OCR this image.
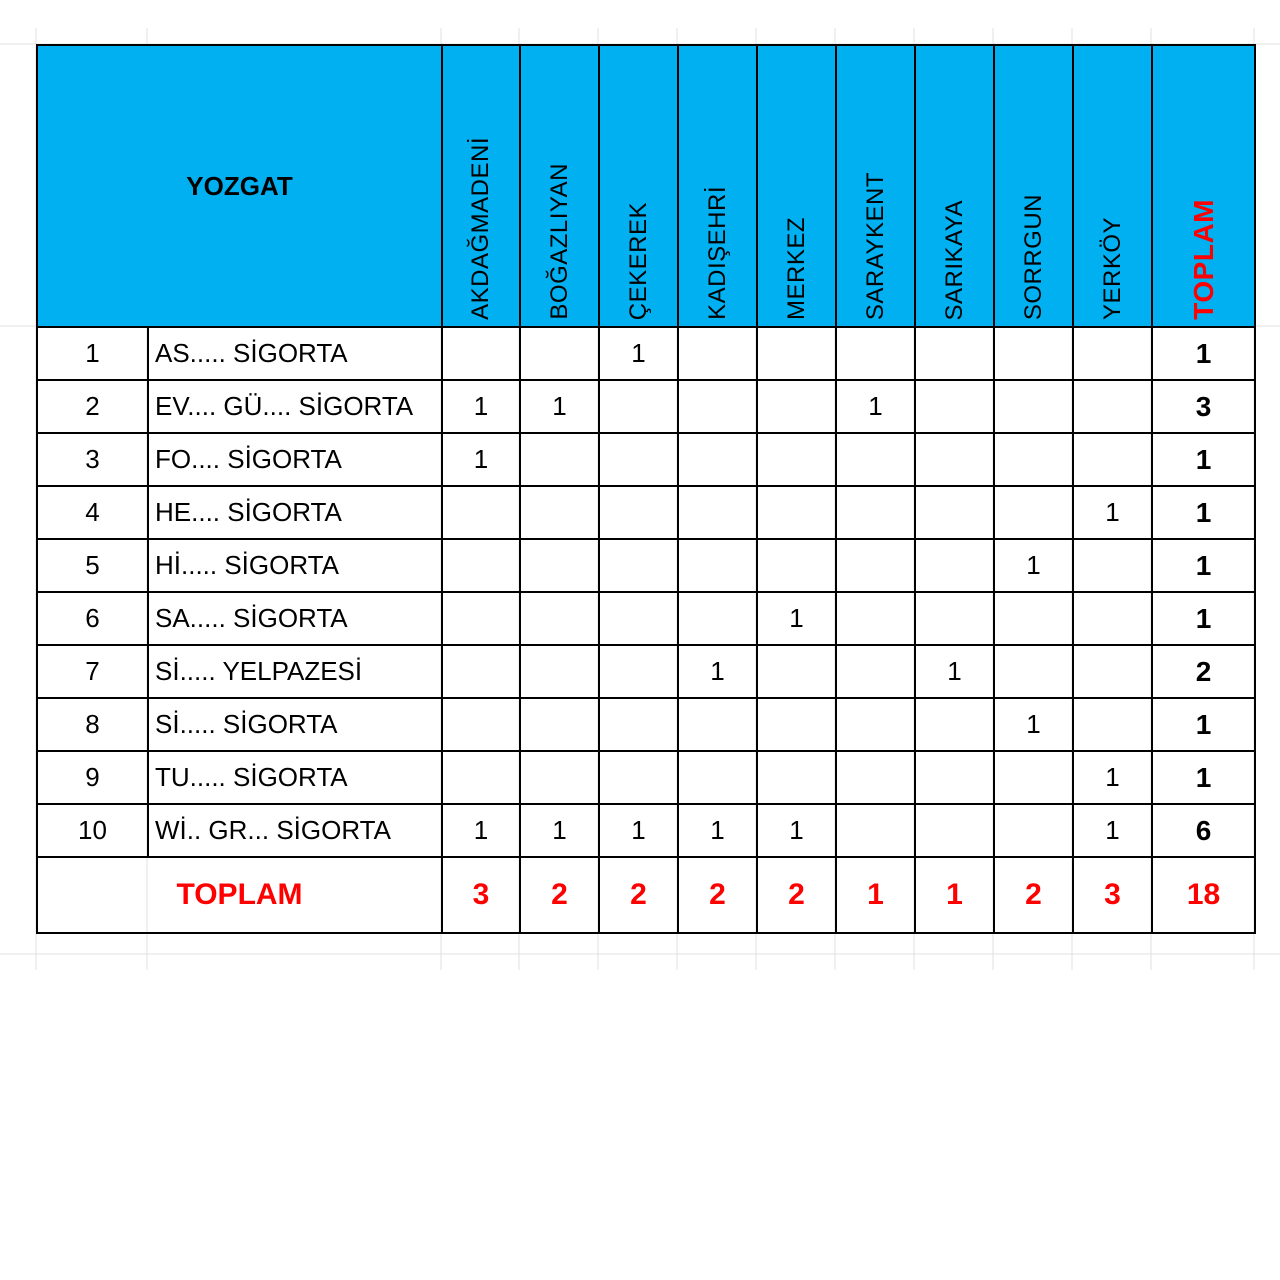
YOZGAT		AKDAĞMADENİ	BOĞAZLIYAN	ÇEKEREK	KADIŞEHRİ	MERKEZ	SARAYKENT	SARIKAYA	SORRGUN	YERKÖY	TOPLAM

1	AS..... SİGORTA			1							1
2	EV.... GÜ.... SİGORTA	1	1				1				3
3	FO.... SİGORTA	1									1
4	HE.... SİGORTA									1	1
5	Hİ..... SİGORTA								1		1
6	SA..... SİGORTA					1					1
7	Sİ..... YELPAZESİ				1			1			2
8	Sİ..... SİGORTA								1		1
9	TU..... SİGORTA									1	1
10	Wİ.. GR... SİGORTA	1	1	1	1	1				1	6
TOPLAM		3	2	2	2	2	1	1	2	3	18
